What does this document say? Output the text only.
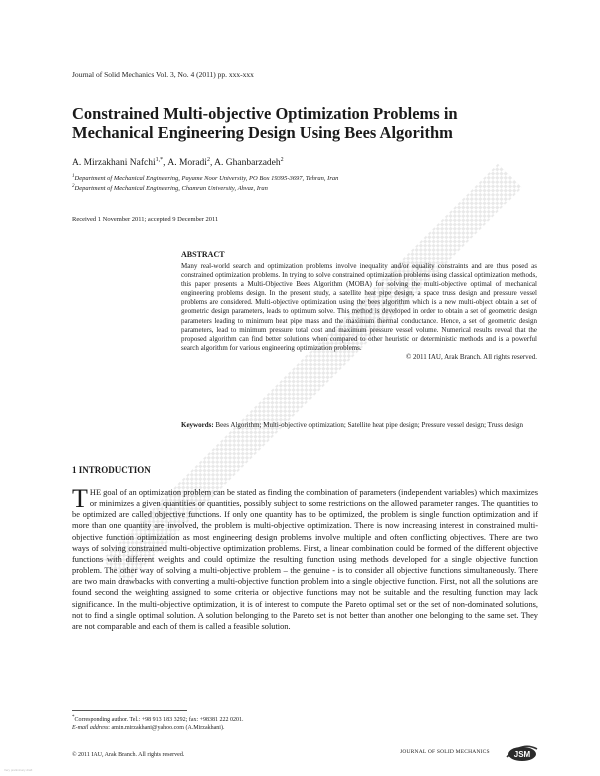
Journal of Solid Mechanics Vol. 3, No. 4 (2011) pp. xxx-xxx
Constrained Multi-objective Optimization Problems in Mechanical Engineering Design Using Bees Algorithm
A. Mirzakhani Nafchi$^{1,*}$, A. Moradi$^2$, A. Ghanbarzadeh$^2$
$^1$Department of Mechanical Engineering, Payame Noor University, PO Box 19395-3697, Tehran, Iran
$^2$Department of Mechanical Engineering, Chamran University, Ahvaz, Iran
Received 1 November 2011; accepted 9 December 2011
ABSTRACT
Many real-world search and optimization problems involve inequality and/or equality constraints and are thus posed as constrained optimization problems. In trying to solve constrained optimization problems using classical optimization methods, this paper presents a Multi-Objective Bees Algorithm (MOBA) for solving the multi-objective optimal of mechanical engineering problems design. In the present study, a satellite heat pipe design, a space truss design and pressure vessel problems are considered. Multi-objective optimization using the bees algorithm which is a new multi-object obtain a set of geometric design parameters, leads to optimum solve. This method is developed in order to obtain a set of geometric design parameters leading to minimum heat pipe mass and the maximum thermal conductance. Hence, a set of geometric design parameters, lead to minimum pressure total cost and maximum pressure vessel volume. Numerical results reveal that the proposed algorithm can find better solutions when compared to other heuristic or deterministic methods and is a powerful search algorithm for various engineering optimization problems.
© 2011 IAU, Arak Branch. All rights reserved.
Keywords: Bees Algorithm; Multi-objective optimization; Satellite heat pipe design; Pressure vessel design; Truss design
1 INTRODUCTION
THE goal of an optimization problem can be stated as finding the combination of parameters (independent variables) which maximizes or minimizes a given quantities or quantities, possibly subject to some restrictions on the allowed parameter ranges. The quantities to be optimized are called objective functions. If only one quantity has to be optimized, the problem is single function optimization and if more than one quantity are involved, the problem is multi-objective optimization. There is now increasing interest in constrained multi-objective function optimization as most engineering design problems involve multiple and often conflicting objectives. There are two ways of solving constrained multi-objective optimization problems. First, a linear combination could be formed of the different objective functions with different weights and could optimize the resulting function using methods developed for a single objective function problem. The other way of solving a multi-objective problem – the genuine - is to consider all objective functions simultaneously. There are two main drawbacks with converting a multi-objective function problem into a single objective function. First, not all the solutions are found second the weighting assigned to some criteria or objective functions may not be suitable and the resulting function may lack significance. In the multi-objective optimization, it is of interest to compute the Pareto optimal set or the set of non-dominated solutions, not to find a single optimal solution. A solution belonging to the Pareto set is not better than another one belonging to the same set. They are not comparable and each of them is called a feasible solution.
*Corresponding author. Tel.: +98 913 183 3292; fax: +98381 222 0201.
E-mail address: amin.mirzakhani@yahoo.com (A.Mirzakhani).
© 2011 IAU, Arak Branch. All rights reserved.	JOURNAL OF SOLID MECHANICS	JSM
Very preliminary draft
